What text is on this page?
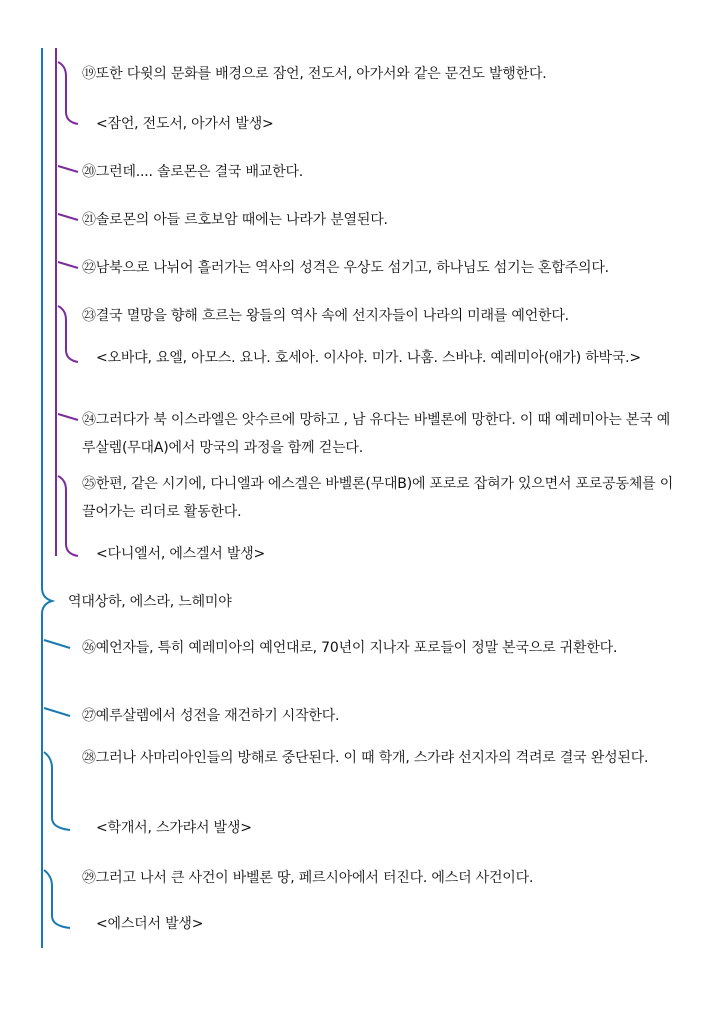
⑲또한 다윗의 문화를 배경으로 잠언, 전도서, 아가서와 같은 문건도 발행한다.
<잠언, 전도서, 아가서 발생>
⑳그런데.... 솔로몬은 결국 배교한다.
㉑솔로몬의 아들 르호보암 때에는 나라가 분열된다.
㉒남북으로 나뉘어 흘러가는 역사의 성격은 우상도 섬기고, 하나님도 섬기는 혼합주의다.
㉓결국 멸망을 향해 흐르는 왕들의 역사 속에 선지자들이 나라의 미래를 예언한다.
<오바댜, 요엘, 아모스. 요나. 호세아. 이사야. 미가. 나훔. 스바냐. 예레미아(애가) 하박국.>
㉔그러다가 북 이스라엘은 앗수르에 망하고 , 남 유다는 바벨론에 망한다. 이 때 예레미아는 본국 예루살렘(무대A)에서 망국의 과정을 함께 걷는다.
㉕한편, 같은 시기에, 다니엘과 에스겔은 바벨론(무대B)에 포로로 잡혀가 있으면서 포로공동체를 이끌어가는 리더로 활동한다.
<다니엘서, 에스겔서 발생>
역대상하, 에스라, 느헤미야
㉖예언자들, 특히 예레미아의 예언대로, 70년이 지나자 포로들이 정말 본국으로 귀환한다.
㉗예루살렘에서 성전을 재건하기 시작한다.
㉘그러나 사마리아인들의 방해로 중단된다. 이 때 학개, 스가랴 선지자의 격려로 결국 완성된다.
<학개서, 스가랴서 발생>
㉙그러고 나서 큰 사건이 바벨론 땅, 페르시아에서 터진다. 에스더 사건이다.
<에스더서 발생>
